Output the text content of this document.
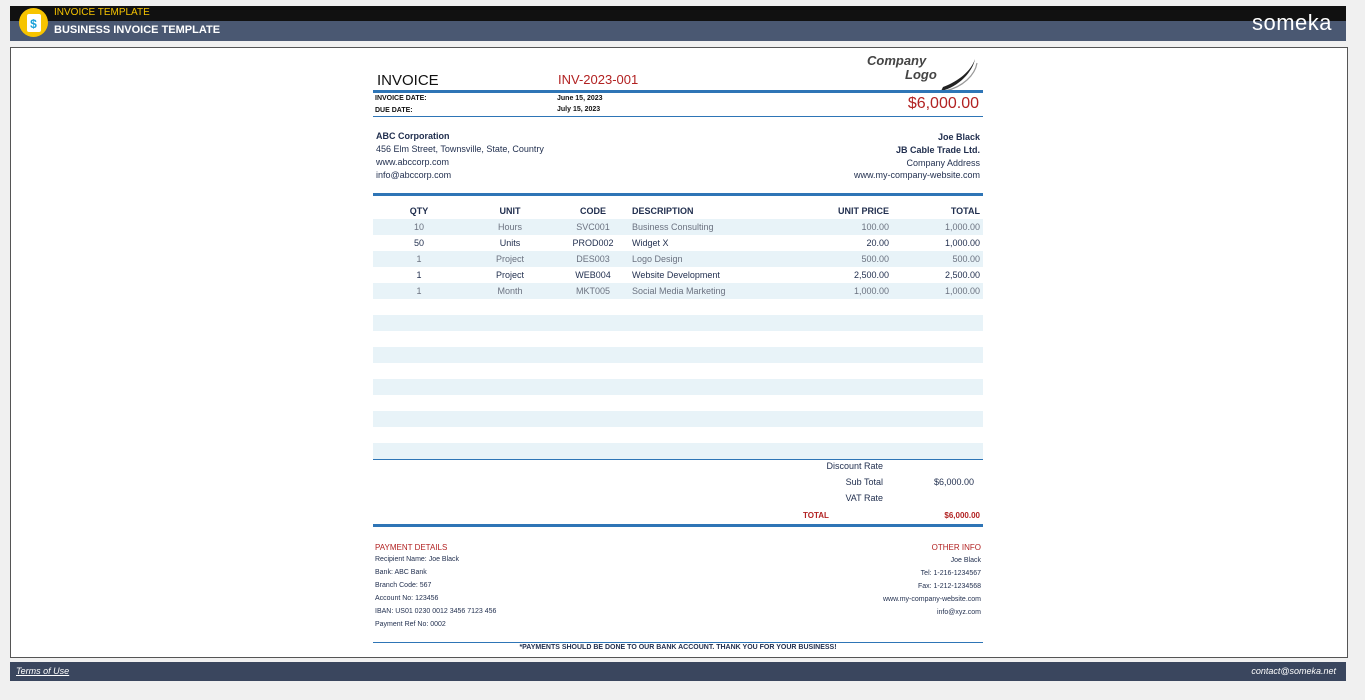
$
INVOICE TEMPLATE
BUSINESS INVOICE TEMPLATE	someka
INVOICE	INV-2023-001
Company
Logo
INVOICE DATE:	June 15, 2023
DUE DATE:	July 15, 2023	$6,000.00
ABC Corporation
456 Elm Street, Townsville, State, Country
www.abccorp.com
info@abccorp.com
Joe Black
JB Cable Trade Ltd.
Company Address
www.my-company-website.com
QTY	UNIT	CODE	DESCRIPTION	UNIT PRICE	TOTAL
10	Hours	SVC001	Business Consulting	100.00	1,000.00
50	Units	PROD002	Widget X	20.00	1,000.00
1	Project	DES003	Logo Design	500.00	500.00
1	Project	WEB004	Website Development	2,500.00	2,500.00
1	Month	MKT005	Social Media Marketing	1,000.00	1,000.00
Discount Rate
Sub Total	$6,000.00
VAT Rate
TOTAL	$6,000.00
PAYMENT DETAILS
Recipient Name: Joe Black
Bank: ABC Bank
Branch Code: 567
Account No: 123456
IBAN: US01 0230 0012 3456 7123 456
Payment Ref No: 0002
OTHER INFO
Joe Black
Tel: 1-216-1234567
Fax: 1-212-1234568
www.my-company-website.com
info@xyz.com
*PAYMENTS SHOULD BE DONE TO OUR BANK ACCOUNT. THANK YOU FOR YOUR BUSINESS!
Terms of Use	contact@someka.net
